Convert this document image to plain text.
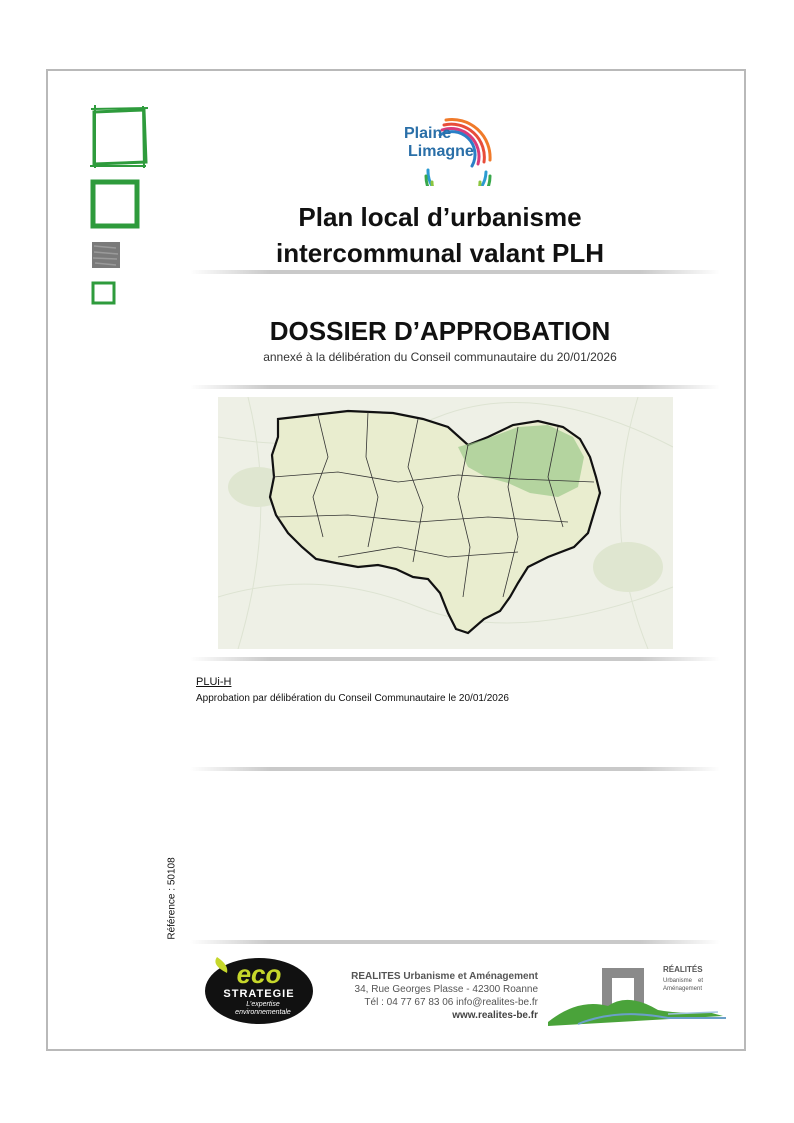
Plaine
Limagne
Plan local d’urbanisme
intercommunal valant PLH
DOSSIER D’APPROBATION
annexé à la délibération du Conseil communautaire du 20/01/2026
PLUi-H
Approbation par délibération du Conseil Communautaire le 20/01/2026
Référence : 50108
eco
STRATEGIE
L’expertise
environnementale
REALITES Urbanisme et Aménagement
34, Rue Georges Plasse - 42300 Roanne
Tél : 04 77 67 83 06 info@realites-be.fr
www.realites-be.fr
RÉALITÉS
Urbanisme et
Aménagement
